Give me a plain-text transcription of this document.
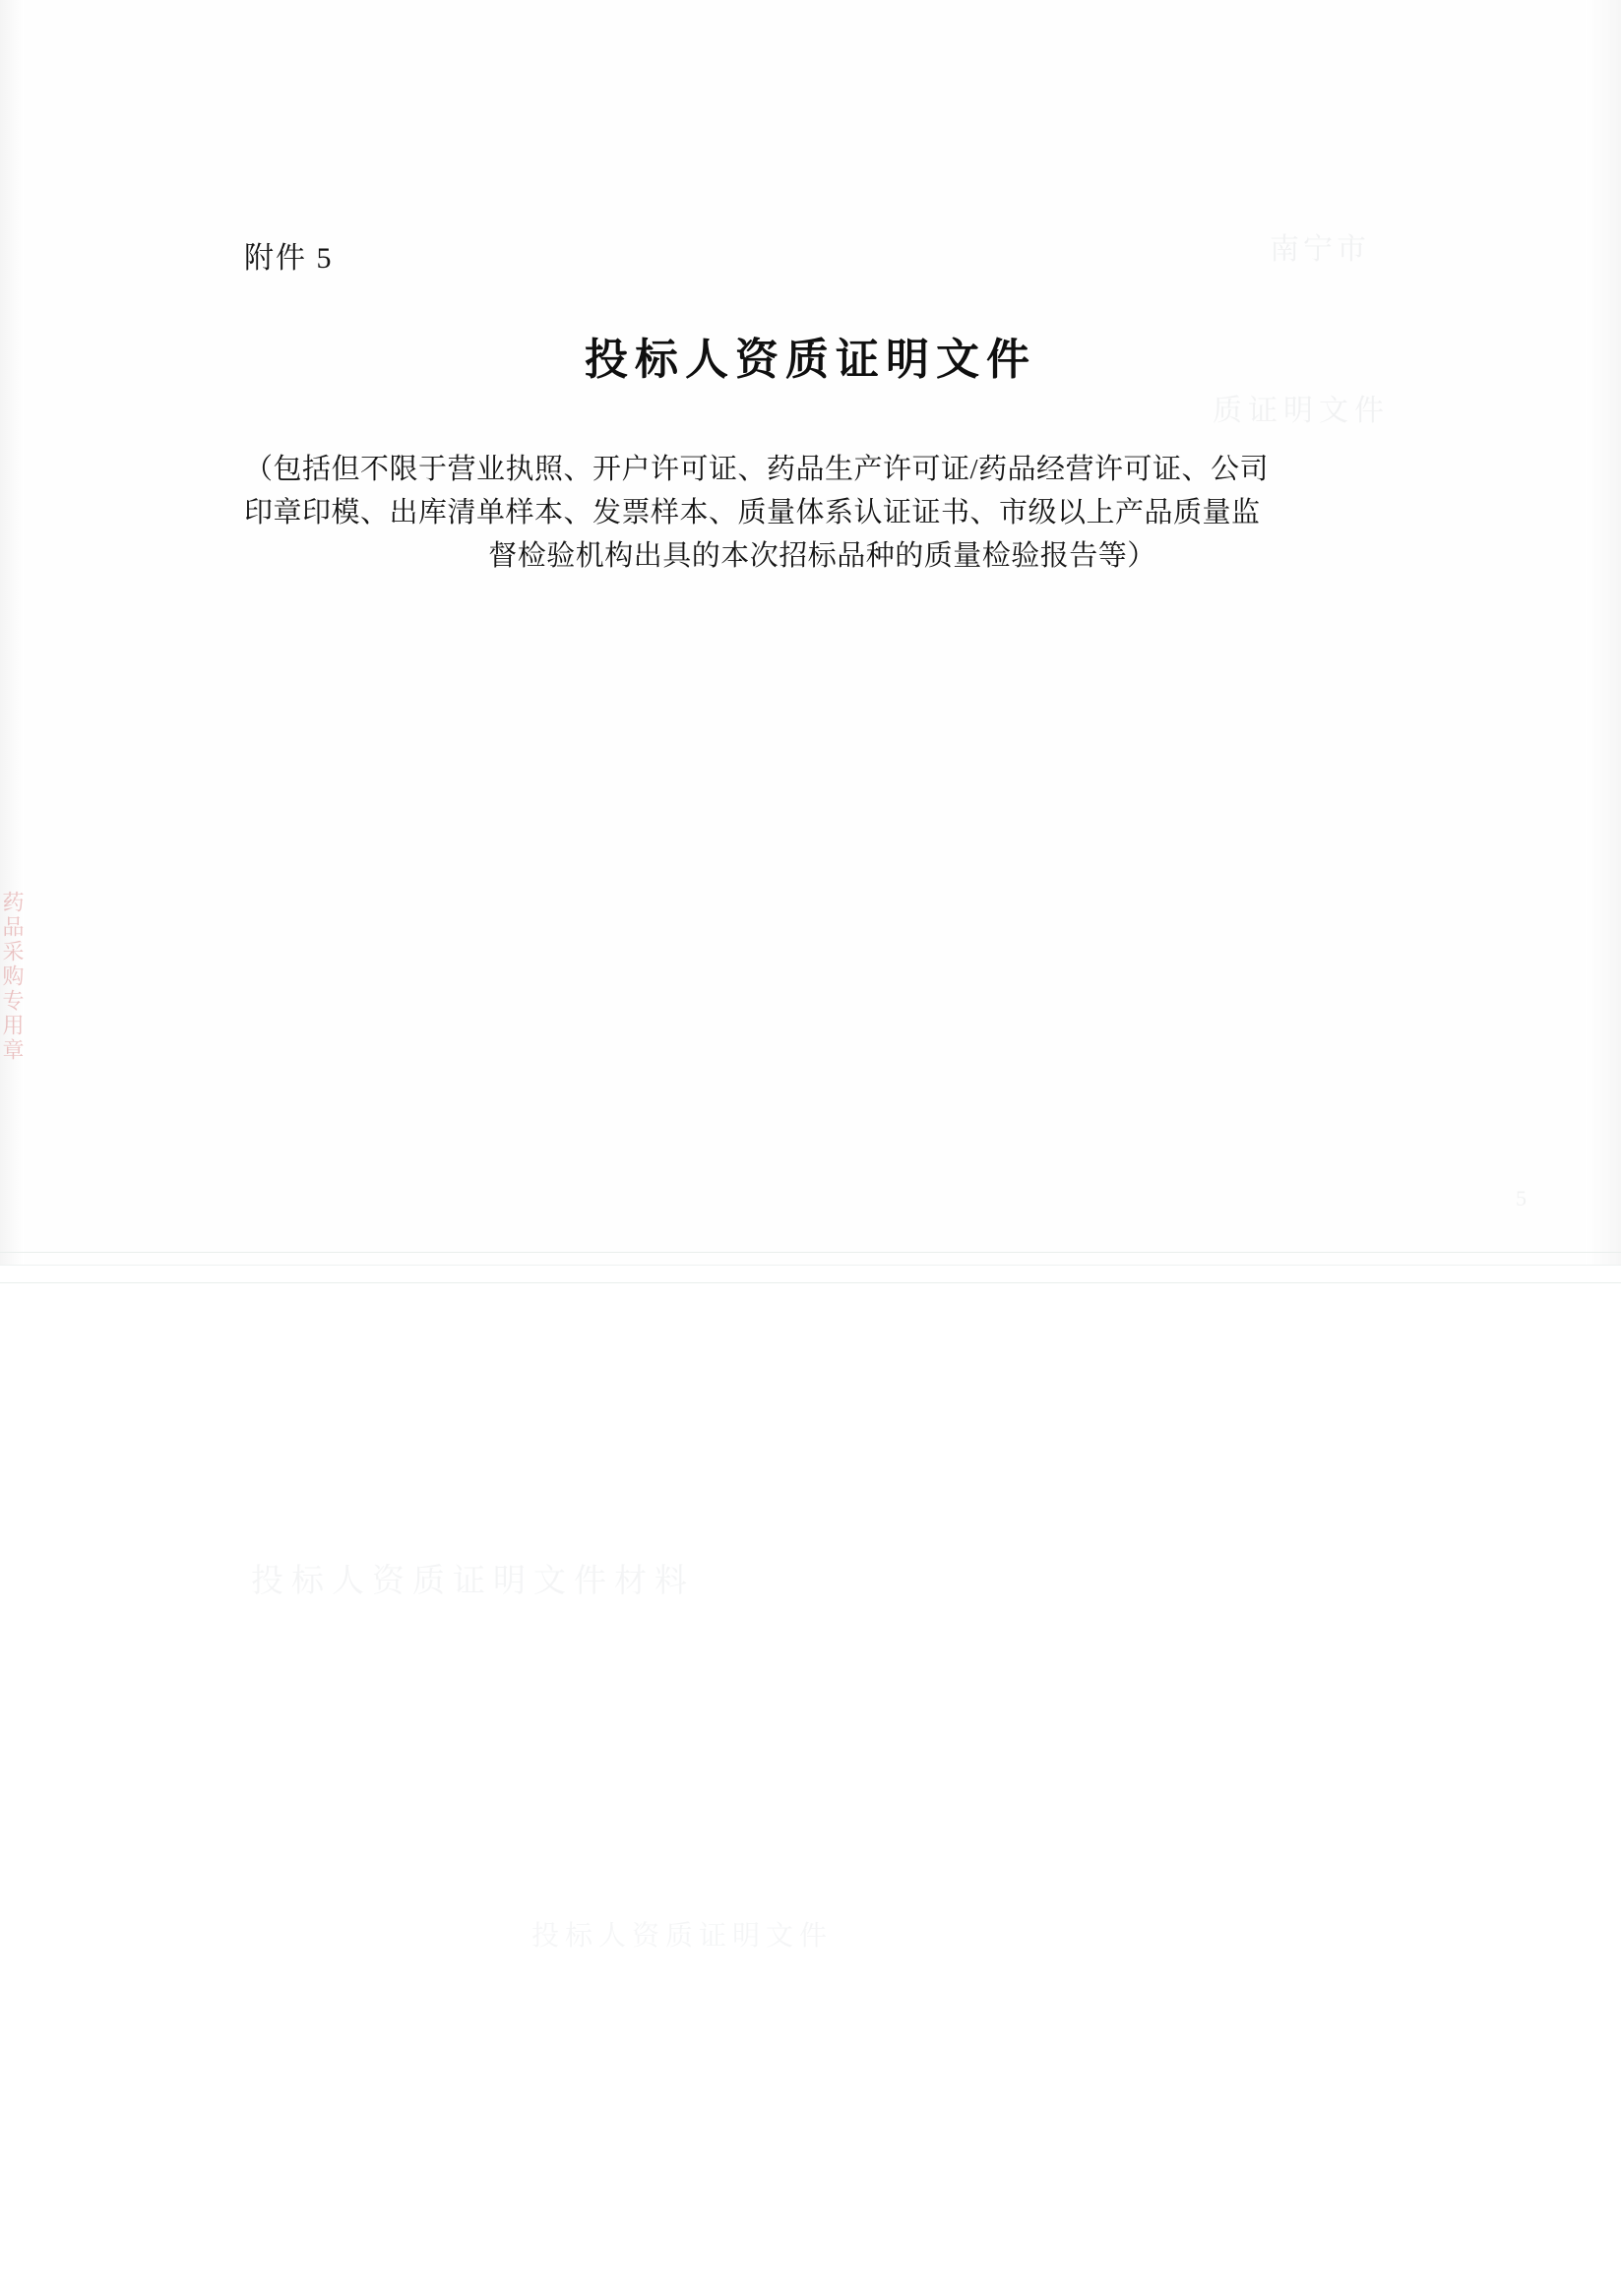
药品采购专用章
附件 5
投标人资质证明文件
（包括但不限于营业执照、开户许可证、药品生产许可证/药品经营许可证、公司
印章印模、出库清单样本、发票样本、质量体系认证证书、市级以上产品质量监
督检验机构出具的本次招标品种的质量检验报告等）
